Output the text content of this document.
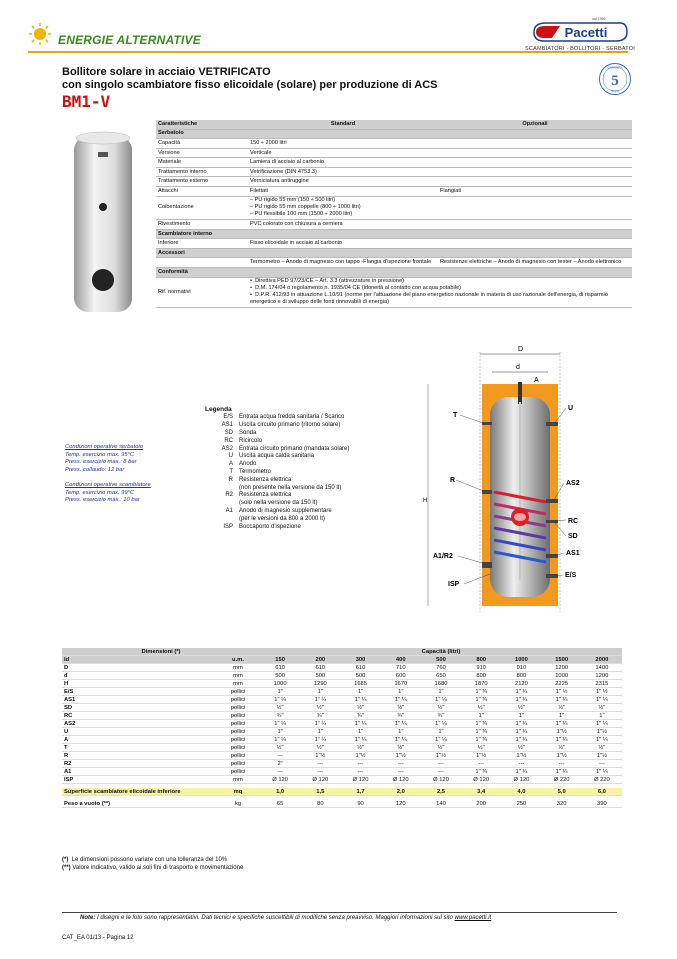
ENERGIE ALTERNATIVE
dal 1966
Pacetti
SCAMBIATORI · BOLLITORI · SERBATOI
Bollitore solare in acciaio VETRIFICATO
con singolo scambiatore fisso elicoidale (solare) per produzione di ACS
BM1-V
GARANZIA
5
ANNI
Caratteristiche	Standard	Opzionali
Serbatoio		
Capacità	150 ÷ 2000 litri	
Versione	Verticale	
Materiale	Lamiera di acciaio al carbonio	
Trattamento interno	Vetrificazione (DIN 4753.3)	
Trattamento esterno	Verniciatura antiruggine	
Attacchi	Filettati	Flangiati
Coibentazione	– PU rigido 55 mm (150 ÷ 500 litri)
– PU rigido 55 mm coppelle (800 ÷ 1000 litri)
– PU flessibile 100 mm (1500 ÷ 2000 litri)	

Rivestimento	PVC colorato con chiusura a cerniera	
Scambiatore interno		
Inferiore	Fisso elicoidale in acciaio al carbonio	
Accessori		
	Termometro – Anodo di magnesio con tappo -Flangia d'ispezione frontale	Resistenze elettriche – Anodo di magnesio con tester – Anodo elettronico
Conformità		
Rif. normativi	•  Direttiva PED 97/23/CE – Art. 3.3 (attrezzature in pressione)
•  D.M. 174/04 o regolamento n. 1935/04 CE (idoneità al contatto con acqua potabile)
•  D.P.R. 412/93 in attuazione L.10/91 (norme per l'attuazione del piano energetico nazionale in materia di uso razionale dell'energia, di risparmio energetico e di sviluppo delle fonti rinnovabili di energia)	
Legenda
E/S Entrata acqua fredda sanitaria / Scarico
AS1 Uscita circuito primario (ritorno solare)
SD Sonda
RC Ricircolo
AS2 Entrata circuito primario (mandata solare)
U Uscita acqua calda sanitaria
A Anodo
T Termometro
R Resistenza elettrica
(non presente nella versione da 150 lt)
R2 Resistenza elettrica
(solo nella versione da 150 lt)
A1 Anodo di magnesio supplementare
(per le versioni da 800 a 2000 lt)
ISP Boccaporto d'ispezione
Condizioni operative serbatoio
Temp. esercizio max. 95°C
Press. esercizio max.: 8 bar
Press. collaudo: 12 bar
Condizioni operative scambiatore
Temp. esercizio max. 99°C
Press. esercizio max.: 10 bar
D
d
A
H
T
U
R	AS2
RC
SD
A1/R2	AS1
ISP
E/S
Dimensioni (*)		Capacità (litri)								
Id	u.m.	150	200	300	400	500	800	1000	1500	2000
D	mm	610	610	610	710	760	910	910	1200	1400
d	mm	500	500	500	600	650	800	800	1000	1200
H	mm	1000	1290	1685	1670	1680	1870	2120	2225	2315
E/S	pollici	1"	1"	1"	1"	1"	1" ¼	1" ¼	1" ½	1" ½
AS1	pollici	1" ¼	1" ¼	1" ¼	1" ¼	1" ¼	1" ¼	1" ¼	1" ¼	1" ¼
SD	pollici	½"	½"	½"	½"	½"	½"	½"	½"	½"
RC	pollici	¾"	¾"	¾"	¾"	¾"	1"	1"	1"	1"
AS2	pollici	1" ¼	1" ¼	1" ¼	1" ¼	1" ¼	1" ¼	1" ¼	1" ¼	1" ¼
U	pollici	1"	1"	1"	1"	1"	1" ¼	1" ¼	1"½	1"½
A	pollici	1" ¼	1" ¼	1" ¼	1" ¼	1" ¼	1" ¼	1" ¼	1" ¼	1" ¼
T	pollici	½"	½"	½"	½"	½"	½"	½"	½"	½"
R	pollici	---	1"½	1"½	1"½	1"½	1"½	1"½	1"½	1"½
R2	pollici	2"	---	---	---	---	---	---	---	---
A1	pollici	---	---	---	---	---	1" ¼	1" ¼	1" ¼	1" ¼
ISP	mm	Ø 120	Ø 120	Ø 120	Ø 120	Ø 120	Ø 120	Ø 120	Ø 220	Ø 220

Superficie scambiatore elicoidale inferiore	mq	1,0	1,5	1,7	2,0	2,5	3,4	4,0	5,0	6,0

Peso a vuoto (**)	kg	65	80	90	120	140	200	250	320	390
(*) Le dimensioni possono variare con una tolleranza del 10%
(**) Valore indicativo, valido ai soli fini di trasporto e movimentazione
Note: I disegni e le foto sono rappresentativi. Dati tecnici e specifiche suscettibili di modifiche senza preavviso. Maggiori informazioni sul sito www.pacetti.it
CAT_EA 01/13 - Pagina 12
